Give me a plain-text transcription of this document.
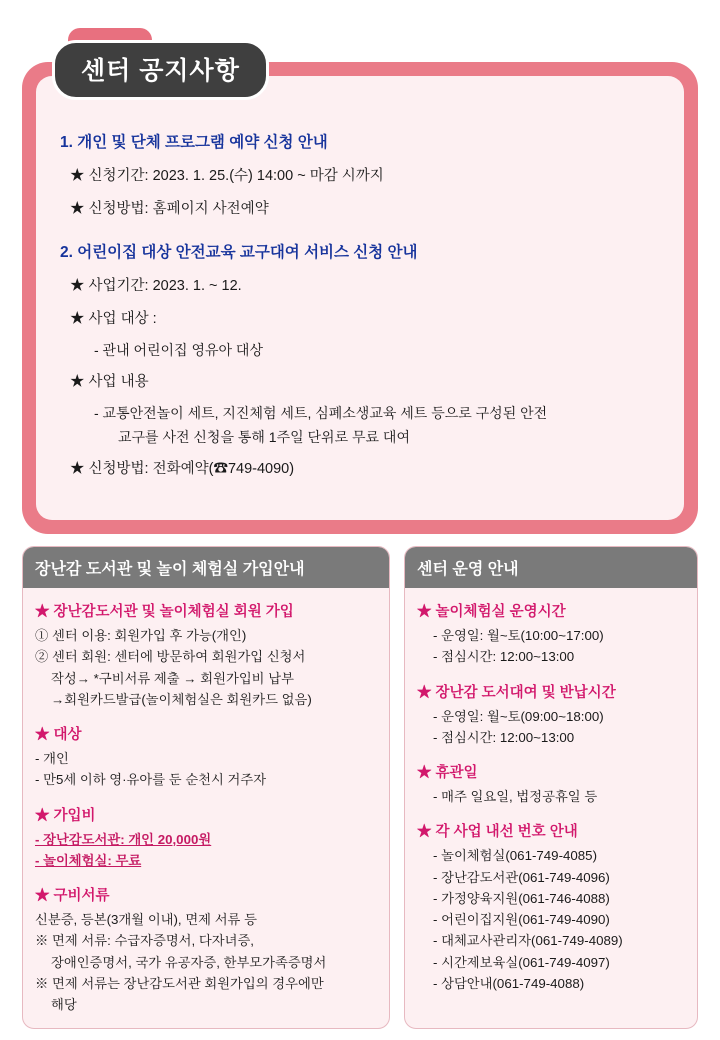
센터 공지사항

1. 개인 및 단체 프로그램 예약 신청 안내

★ 신청기간: 2023. 1. 25.(수) 14:00 ~ 마감 시까지

★ 신청방법: 홈페이지 사전예약

2. 어린이집 대상 안전교육 교구대여 서비스 신청 안내

★ 사업기간: 2023. 1. ~ 12.

★ 사업 대상 :

- 관내 어린이집 영유아 대상

★ 사업 내용

- 교통안전놀이 세트, 지진체험 세트, 심폐소생교육 세트 등으로 구성된 안전

교구를 사전 신청을 통해 1주일 단위로 무료 대여

★ 신청방법: 전화예약(☎749-4090)

장난감 도서관 및 놀이 체험실 가입안내
★ 장난감도서관 및 놀이체험실 회원 가입

① 센터 이용: 회원가입 후 가능(개인)

② 센터 회원: 센터에 방문하여 회원가입 신청서

작성→ *구비서류 제출 → 회원가입비 납부

→회원카드발급(놀이체험실은 회원카드 없음)

★ 대상

- 개인

- 만5세 이하 영·유아를 둔 순천시 거주자

★ 가입비

- 장난감도서관: 개인 20,000원

- 놀이체험실: 무료

★ 구비서류

신분증, 등본(3개월 이내), 면제 서류 등

※ 면제 서류: 수급자증명서, 다자녀증,

장애인증명서, 국가 유공자증, 한부모가족증명서

※ 면제 서류는 장난감도서관 회원가입의 경우에만

해당

센터 운영 안내
★ 놀이체험실 운영시간

- 운영일: 월~토(10:00~17:00)

- 점심시간: 12:00~13:00

★ 장난감 도서대여 및 반납시간

- 운영일: 월~토(09:00~18:00)

- 점심시간: 12:00~13:00

★ 휴관일

- 매주 일요일, 법정공휴일 등

★ 각 사업 내선 번호 안내

- 놀이체험실(061-749-4085)

- 장난감도서관(061-749-4096)

- 가정양육지원(061-746-4088)

- 어린이집지원(061-749-4090)

- 대체교사관리자(061-749-4089)

- 시간제보육실(061-749-4097)

- 상담안내(061-749-4088)
